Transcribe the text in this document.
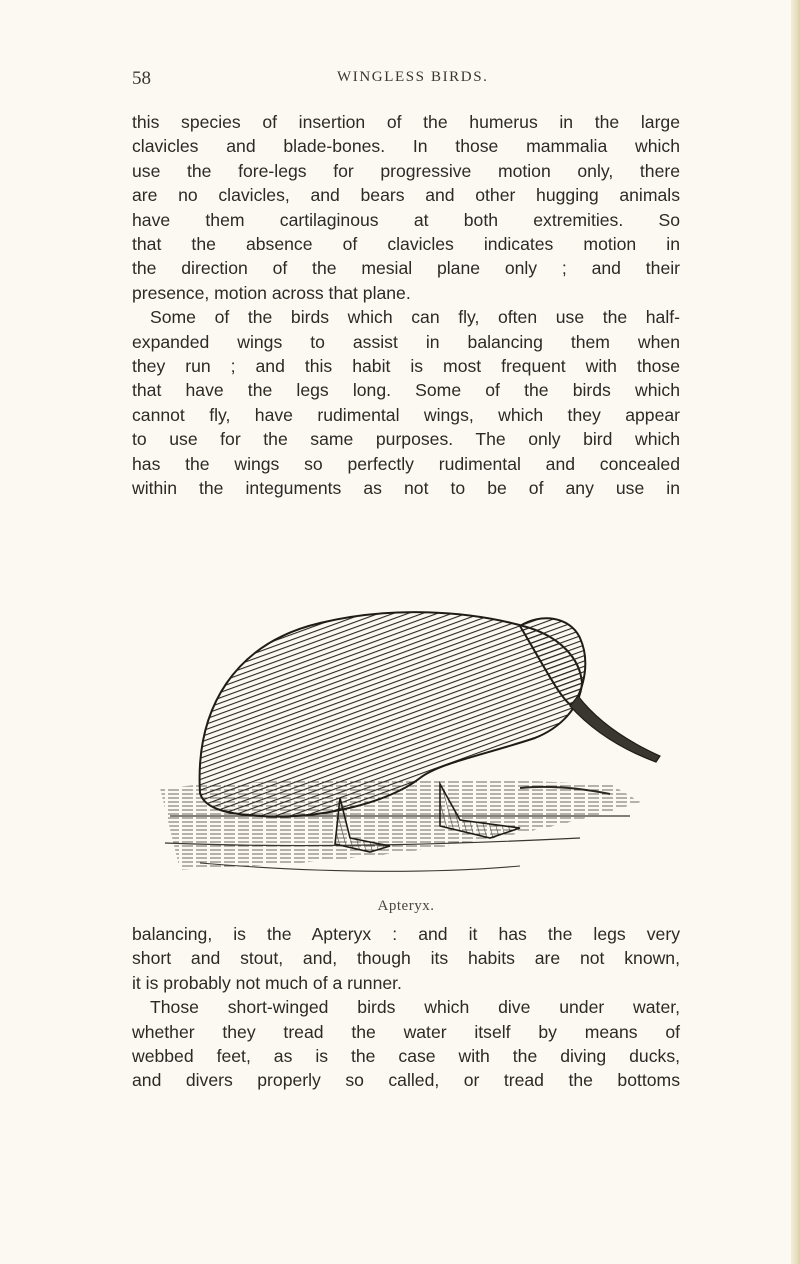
58	WINGLESS BIRDS.

this species of insertion of the humerus in the large

clavicles and blade-bones. In those mammalia which

use the fore-legs for progressive motion only, there

are no clavicles, and bears and other hugging animals

have them cartilaginous at both extremities. So

that the absence of clavicles indicates motion in

the direction of the mesial plane only ; and their

presence, motion across that plane.

Some of the birds which can fly, often use the half-

expanded wings to assist in balancing them when

they run ; and this habit is most frequent with those

that have the legs long. Some of the birds which

cannot fly, have rudimental wings, which they appear

to use for the same purposes. The only bird which

has the wings so perfectly rudimental and concealed

within the integuments as not to be of any use in

Apteryx.

balancing, is the Apteryx : and it has the legs very

short and stout, and, though its habits are not known,

it is probably not much of a runner.

Those short-winged birds which dive under water,

whether they tread the water itself by means of

webbed feet, as is the case with the diving ducks,

and divers properly so called, or tread the bottoms
